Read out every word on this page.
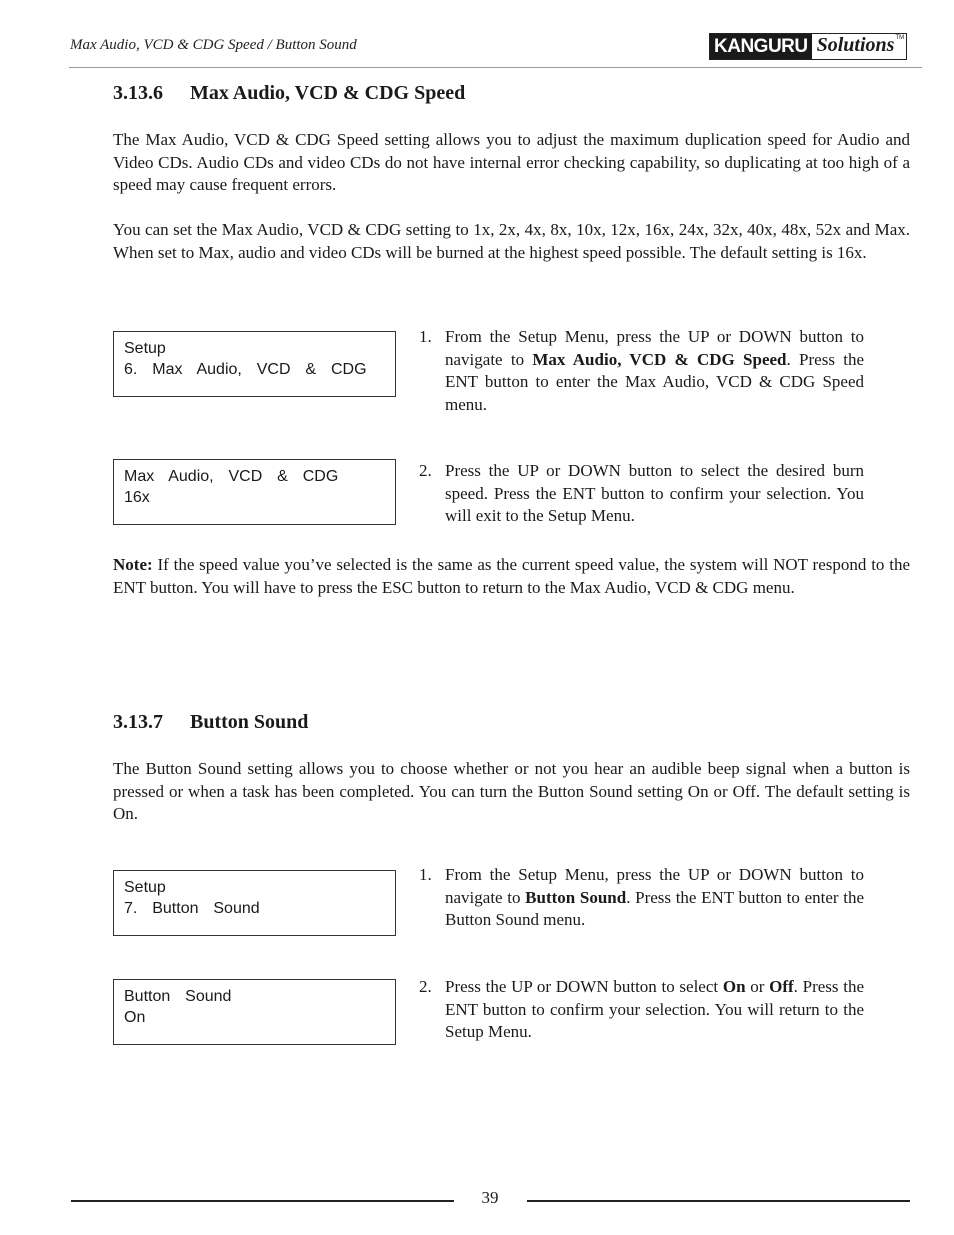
Max Audio, VCD & CDG Speed / Button Sound	KANGURU Solutions TM
3.13.6 Max Audio, VCD & CDG Speed

The Max Audio, VCD & CDG Speed setting allows you to adjust the maximum duplication speed for Audio and Video CDs. Audio CDs and video CDs do not have internal error checking capability, so duplicating at too high of a speed may cause frequent errors.

You can set the Max Audio, VCD & CDG setting to 1x, 2x, 4x, 8x, 10x, 12x, 16x, 24x, 32x, 40x, 48x, 52x and Max. When set to Max, audio and video CDs will be burned at the highest speed possible. The default setting is 16x.

Setup
6.  Max  Audio,  VCD  &  CDG
1. From the Setup Menu, press the UP or DOWN button to navigate to Max Audio, VCD & CDG Speed. Press the ENT button to enter the Max Audio, VCD & CDG Speed menu.
Max  Audio,  VCD  &  CDG
16x
2. Press the UP or DOWN button to select the desired burn speed. Press the ENT button to confirm your selection. You will exit to the Setup Menu.

Note: If the speed value you’ve selected is the same as the current speed value, the system will NOT respond to the ENT button. You will have to press the ESC button to return to the Max Audio, VCD & CDG menu.

3.13.7 Button Sound

The Button Sound setting allows you to choose whether or not you hear an audible beep signal when a button is pressed or when a task has been completed. You can turn the Button Sound setting On or Off. The default setting is On.

Setup
7.  Button  Sound
1. From the Setup Menu, press the UP or DOWN button to navigate to Button Sound. Press the ENT button to enter the Button Sound menu.
Button  Sound
On
2. Press the UP or DOWN button to select On or Off. Press the ENT button to confirm your selection. You will return to the Setup Menu.
39
